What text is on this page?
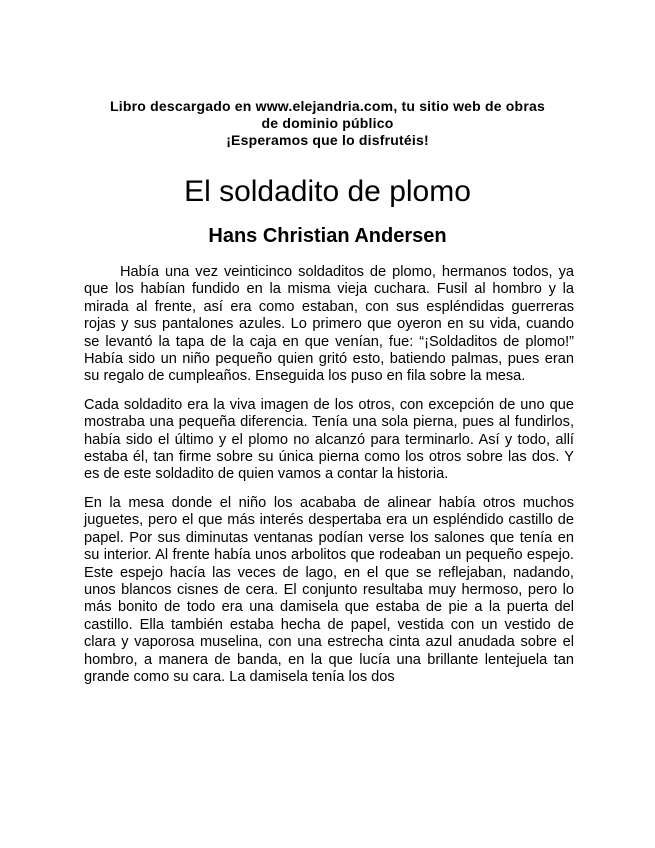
Libro descargado en www.elejandria.com, tu sitio web de obras
de dominio público
¡Esperamos que lo disfrutéis!
El soldadito de plomo
Hans Christian Andersen

Había una vez veinticinco soldaditos de plomo, hermanos todos, ya que los habían fundido en la misma vieja cuchara. Fusil al hombro y la mirada al frente, así era como estaban, con sus espléndidas guerreras rojas y sus pantalones azules. Lo primero que oyeron en su vida, cuando se levantó la tapa de la caja en que venían, fue: “¡Soldaditos de plomo!” Había sido un niño pequeño quien gritó esto, batiendo palmas, pues eran su regalo de cumpleaños. Enseguida los puso en fila sobre la mesa.

Cada soldadito era la viva imagen de los otros, con excepción de uno que mostraba una pequeña diferencia. Tenía una sola pierna, pues al fundirlos, había sido el último y el plomo no alcanzó para terminarlo. Así y todo, allí estaba él, tan firme sobre su única pierna como los otros sobre las dos. Y es de este soldadito de quien vamos a contar la historia.

En la mesa donde el niño los acababa de alinear había otros muchos juguetes, pero el que más interés despertaba era un espléndido castillo de papel. Por sus diminutas ventanas podían verse los salones que tenía en su interior. Al frente había unos arbolitos que rodeaban un pequeño espejo. Este espejo hacía las veces de lago, en el que se reflejaban, nadando, unos blancos cisnes de cera. El conjunto resultaba muy hermoso, pero lo más bonito de todo era una damisela que estaba de pie a la puerta del castillo. Ella también estaba hecha de papel, vestida con un vestido de clara y vaporosa muselina, con una estrecha cinta azul anudada sobre el hombro, a manera de banda, en la que lucía una brillante lentejuela tan grande como su cara. La damisela tenía los dos
